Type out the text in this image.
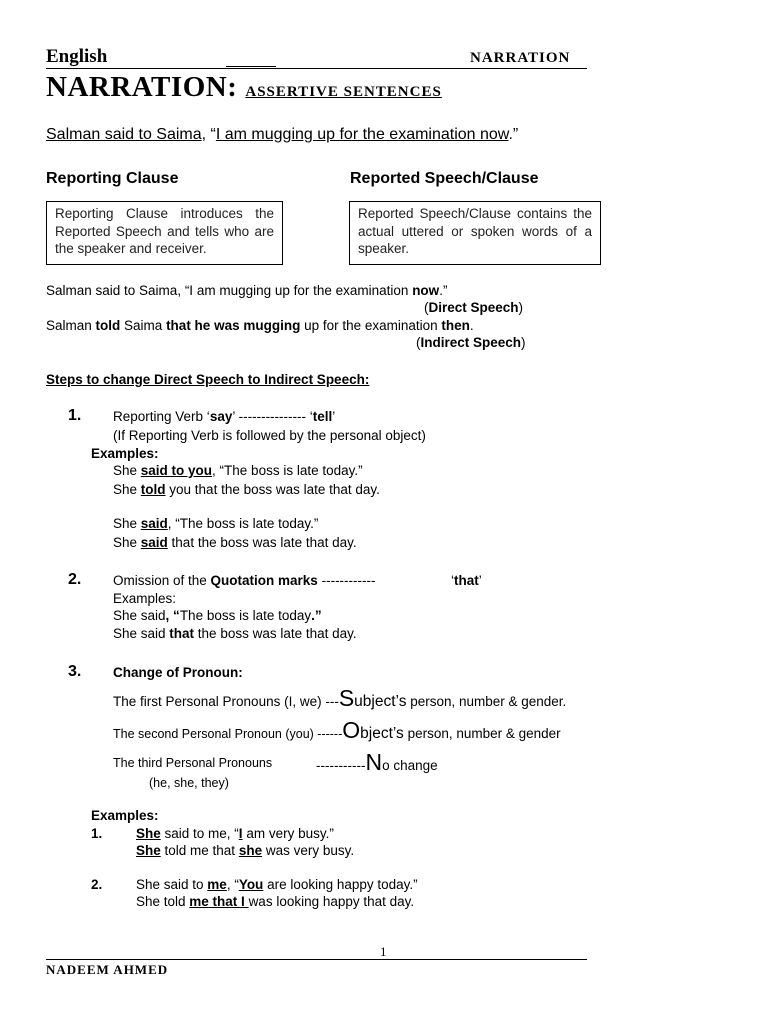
English	NARRATION
NARRATION: ASSERTIVE SENTENCES
Salman said to Saima, “I am mugging up for the examination now.”
Reporting Clause	Reported Speech/Clause
Reporting Clause introduces the Reported Speech and tells who are the speaker and receiver.
Reported Speech/Clause contains the actual uttered or spoken words of a speaker.
Salman said to Saima, “I am mugging up for the examination now.”
(Direct Speech)
Salman told Saima that he was mugging up for the examination then.
(Indirect Speech)
Steps to change Direct Speech to Indirect Speech:
1. Reporting Verb ‘say’ --------------- ‘tell’
(If Reporting Verb is followed by the personal object)
Examples:
She said to you, “The boss is late today.”
She told you that the boss was late that day.
She said, “The boss is late today.”
She said that the boss was late that day.
2. Omission of the Quotation marks ------------	‘that’
Examples:
She said, “The boss is late today.”
She said that the boss was late that day.
3. Change of Pronoun:
The first Personal Pronouns (I, we) ---Subject’s person, number & gender.
The second Personal Pronoun (you) ------Object’s person, number & gender
The third Personal Pronouns	-----------No change
(he, she, they)
Examples:
1. She said to me, “I am very busy.”
She told me that she was very busy.
2. She said to me, “You are looking happy today.”
She told me that I was looking happy that day.
1
NADEEM AHMED
